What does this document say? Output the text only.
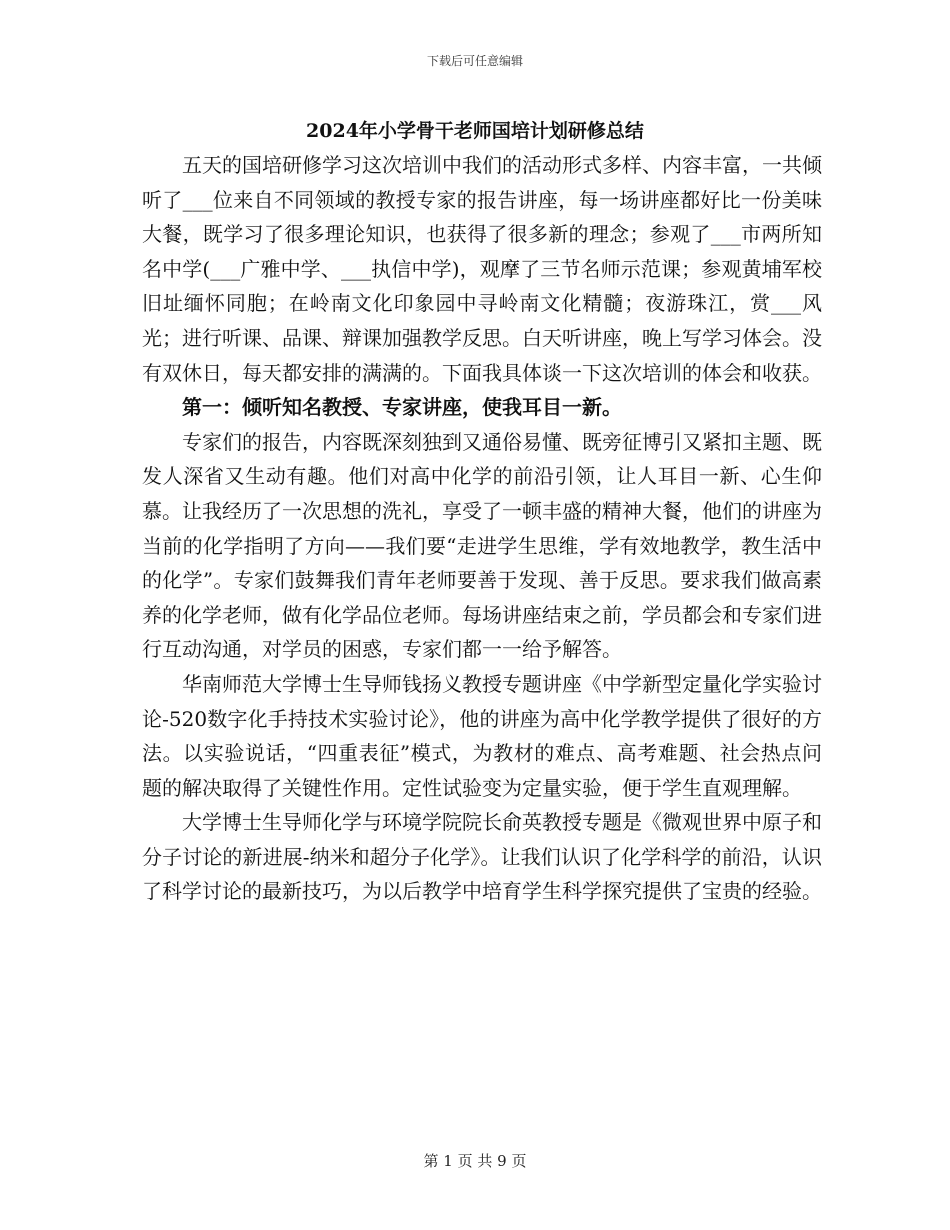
下载后可任意编辑
2024年小学骨干老师国培计划研修总结

五天的国培研修学习这次培训中我们的活动形式多样、内容丰富，一共倾听了___位来自不同领域的教授专家的报告讲座，每一场讲座都好比一份美味大餐，既学习了很多理论知识，也获得了很多新的理念；参观了___市两所知名中学(___广雅中学、___执信中学)，观摩了三节名师示范课；参观黄埔军校旧址缅怀同胞；在岭南文化印象园中寻岭南文化精髓；夜游珠江，赏___风光；进行听课、品课、辩课加强教学反思。白天听讲座，晚上写学习体会。没有双休日，每天都安排的满满的。下面我具体谈一下这次培训的体会和收获。

第一：倾听知名教授、专家讲座，使我耳目一新。

专家们的报告，内容既深刻独到又通俗易懂、既旁征博引又紧扣主题、既发人深省又生动有趣。他们对高中化学的前沿引领，让人耳目一新、心生仰慕。让我经历了一次思想的洗礼，享受了一顿丰盛的精神大餐，他们的讲座为当前的化学指明了方向——我们要“走进学生思维，学有效地教学，教生活中的化学”。专家们鼓舞我们青年老师要善于发现、善于反思。要求我们做高素养的化学老师，做有化学品位老师。每场讲座结束之前，学员都会和专家们进行互动沟通，对学员的困惑，专家们都一一给予解答。

华南师范大学博士生导师钱扬义教授专题讲座《中学新型定量化学实验讨论-520数字化手持技术实验讨论》，他的讲座为高中化学教学提供了很好的方法。以实验说话，“四重表征”模式，为教材的难点、高考难题、社会热点问题的解决取得了关键性作用。定性试验变为定量实验，便于学生直观理解。

大学博士生导师化学与环境学院院长俞英教授专题是《微观世界中原子和分子讨论的新进展-纳米和超分子化学》。让我们认识了化学科学的前沿，认识了科学讨论的最新技巧，为以后教学中培育学生科学探究提供了宝贵的经验。

第 1 页 共 9 页
